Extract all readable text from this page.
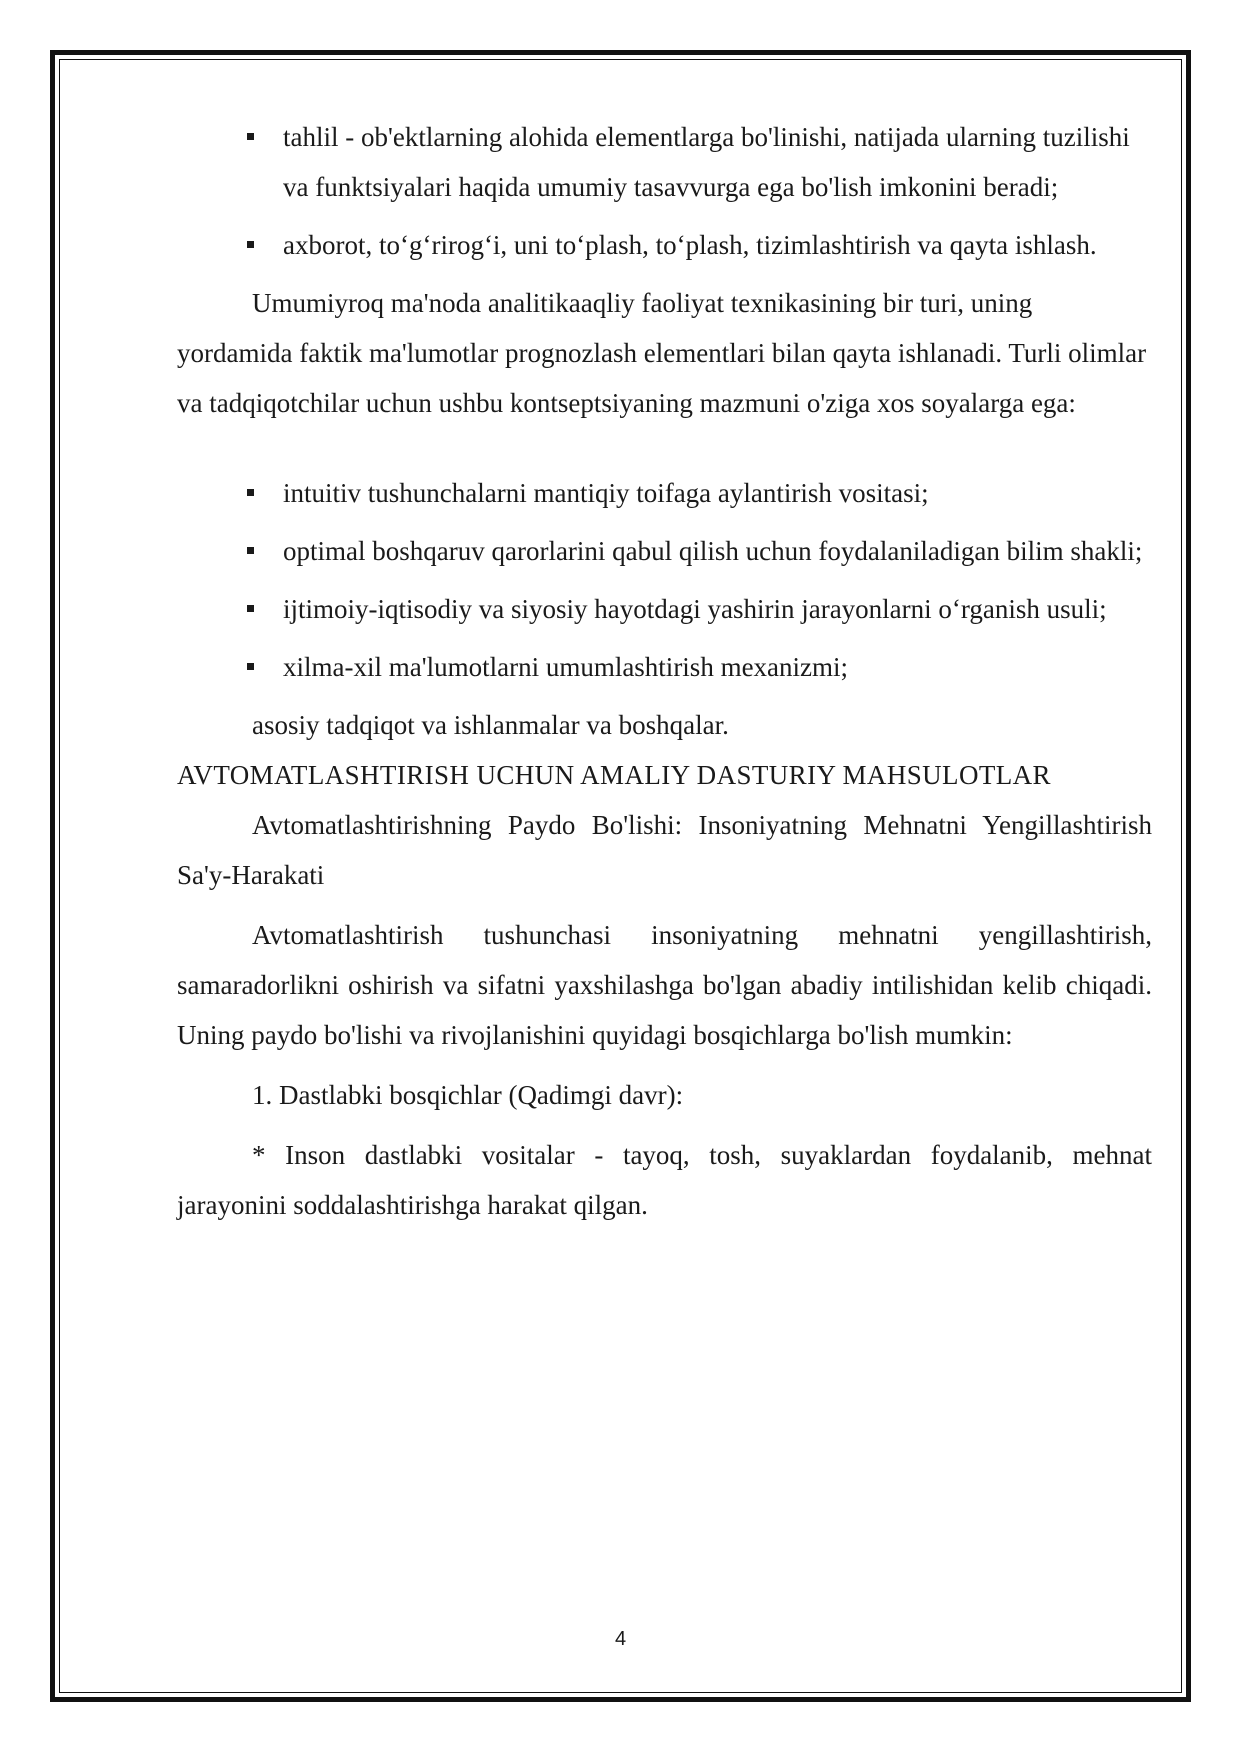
tahlil - ob'ektlarning alohida elementlarga bo'linishi, natijada ularning tuzilishi va funktsiyalari haqida umumiy tasavvurga ega bo'lish imkonini beradi;
axborot, to‘g‘rirog‘i, uni to‘plash, to‘plash, tizimlashtirish va qayta ishlash.

Umumiyroq ma'noda analitikaaqliy faoliyat texnikasining bir turi, uning yordamida faktik ma'lumotlar prognozlash elementlari bilan qayta ishlanadi. Turli olimlar va tadqiqotchilar uchun ushbu kontseptsiyaning mazmuni o'ziga xos soyalarga ega:

intuitiv tushunchalarni mantiqiy toifaga aylantirish vositasi;
optimal boshqaruv qarorlarini qabul qilish uchun foydalaniladigan bilim shakli;
ijtimoiy-iqtisodiy va siyosiy hayotdagi yashirin jarayonlarni o‘rganish usuli;
xilma-xil ma'lumotlarni umumlashtirish mexanizmi;

asosiy tadqiqot va ishlanmalar va boshqalar.

AVTOMATLASHTIRISH UCHUN AMALIY DASTURIY MAHSULOTLAR

Avtomatlashtirishning Paydo Bo'lishi: Insoniyatning Mehnatni Yengillashtirish Sa'y-Harakati

Avtomatlashtirish tushunchasi insoniyatning mehnatni yengillashtirish, samaradorlikni oshirish va sifatni yaxshilashga bo'lgan abadiy intilishidan kelib chiqadi. Uning paydo bo'lishi va rivojlanishini quyidagi bosqichlarga bo'lish mumkin:

1. Dastlabki bosqichlar (Qadimgi davr):

* Inson dastlabki vositalar - tayoq, tosh, suyaklardan foydalanib, mehnat jarayonini soddalashtirishga harakat qilgan.

4
